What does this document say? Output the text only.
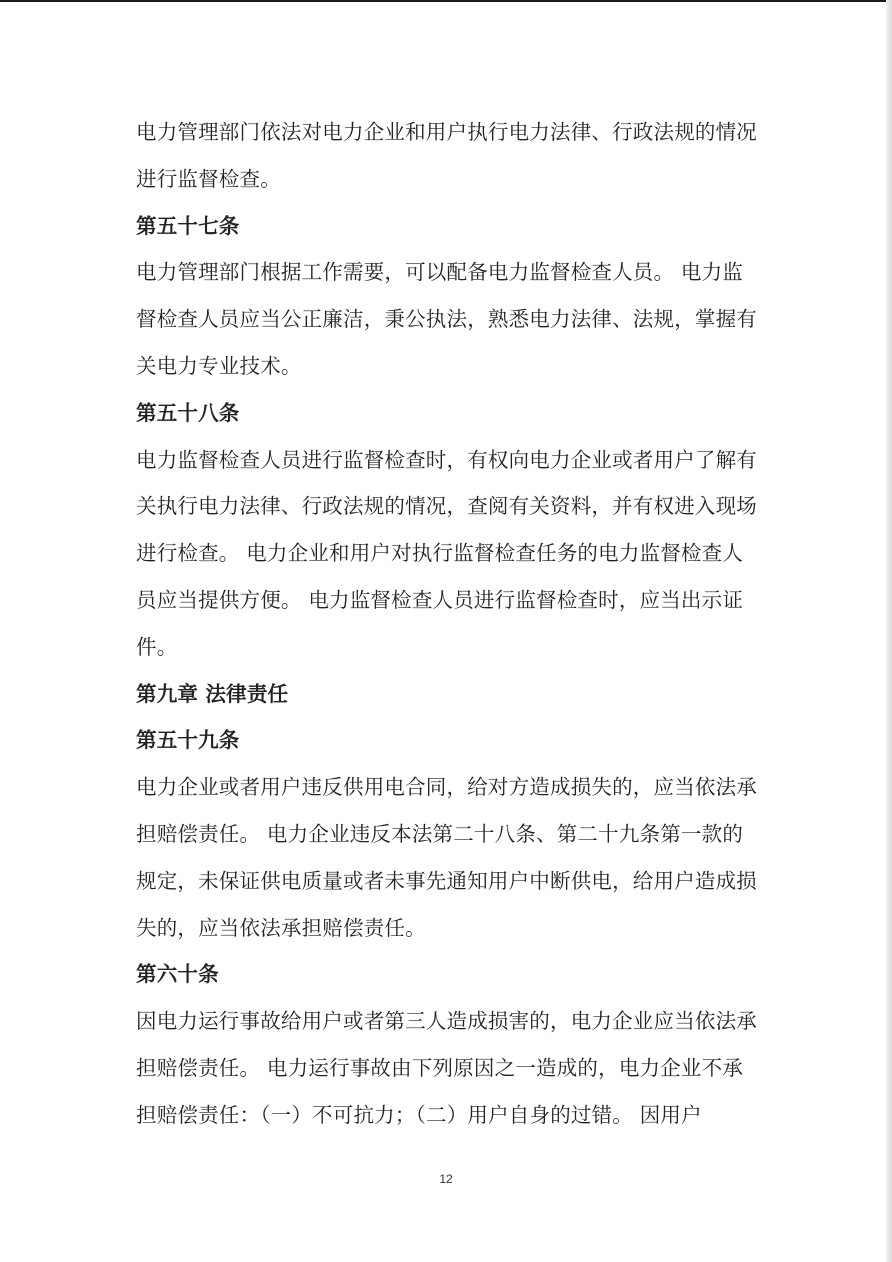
电力管理部门依法对电力企业和用户执行电力法律、行政法规的情况
进行监督检查。
第五十七条
电力管理部门根据工作需要，可以配备电力监督检查人员。 电力监
督检查人员应当公正廉洁，秉公执法，熟悉电力法律、法规，掌握有
关电力专业技术。
第五十八条
电力监督检查人员进行监督检查时，有权向电力企业或者用户了解有
关执行电力法律、行政法规的情况，查阅有关资料，并有权进入现场
进行检查。 电力企业和用户对执行监督检查任务的电力监督检查人
员应当提供方便。 电力监督检查人员进行监督检查时，应当出示证
件。
第九章 法律责任
第五十九条
电力企业或者用户违反供用电合同，给对方造成损失的，应当依法承
担赔偿责任。 电力企业违反本法第二十八条、第二十九条第一款的
规定，未保证供电质量或者未事先通知用户中断供电，给用户造成损
失的，应当依法承担赔偿责任。
第六十条
因电力运行事故给用户或者第三人造成损害的，电力企业应当依法承
担赔偿责任。 电力运行事故由下列原因之一造成的，电力企业不承
担赔偿责任：（一）不可抗力；（二）用户自身的过错。 因用户
12
